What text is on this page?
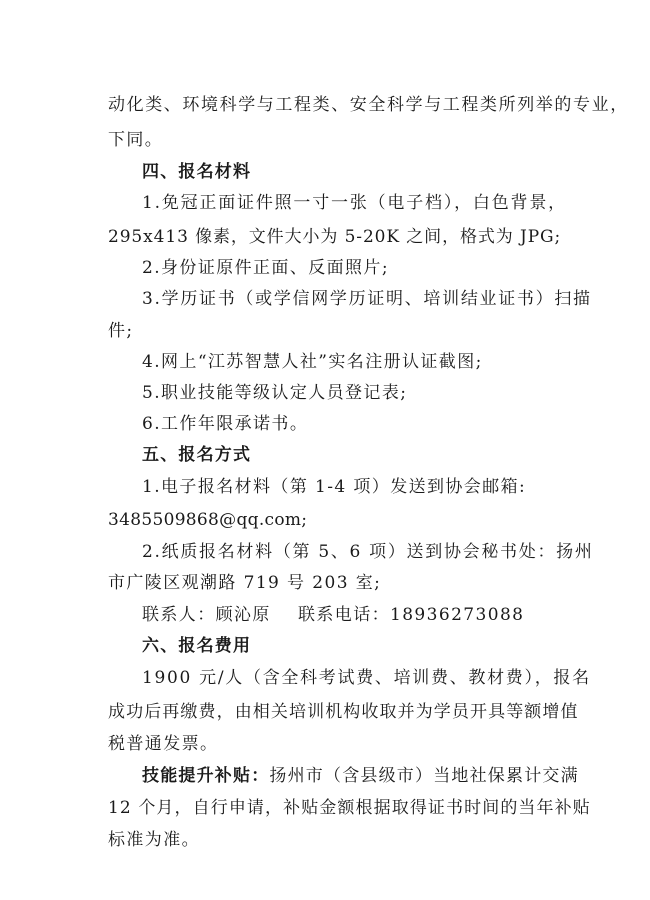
动化类、环境科学与工程类、安全科学与工程类所列举的专业，
下同。
四、报名材料
1.免冠正面证件照一寸一张（电子档），白色背景，
295x413 像素，文件大小为 5-20K 之间，格式为 JPG;
2.身份证原件正面、反面照片;
3.学历证书（或学信网学历证明、培训结业证书）扫描
件;
4.网上“江苏智慧人社”实名注册认证截图;
5.职业技能等级认定人员登记表;
6.工作年限承诺书。
五、报名方式
1.电子报名材料（第 1-4 项）发送到协会邮箱:
3485509868@qq.com;
2.纸质报名材料（第 5、6 项）送到协会秘书处：扬州
市广陵区观潮路 719 号 203 室;
联系人：顾沁原 联系电话：18936273088
六、报名费用
1900 元/人（含全科考试费、培训费、教材费），报名
成功后再缴费，由相关培训机构收取并为学员开具等额增值
税普通发票。
技能提升补贴：扬州市（含县级市）当地社保累计交满
12 个月，自行申请，补贴金额根据取得证书时间的当年补贴
标准为准。
